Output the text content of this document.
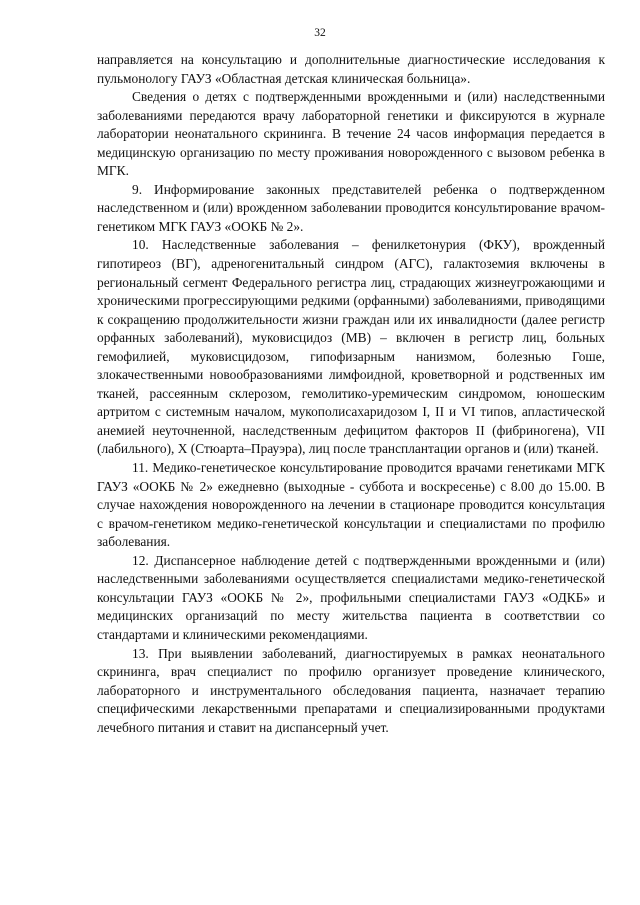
32

направляется на консультацию и дополнительные диагностические исследования к пульмонологу ГАУЗ «Областная детская клиническая больница».

Сведения о детях с подтвержденными врожденными и (или) наследственными заболеваниями передаются врачу лабораторной генетики и фиксируются в журнале лаборатории неонатального скрининга. В течение 24 часов информация передается в медицинскую организацию по месту проживания новорожденного с вызовом ребенка в МГК.

9. Информирование законных представителей ребенка о подтвержденном наследственном и (или) врожденном заболевании проводится консультирование врачом-генетиком МГК ГАУЗ «ООКБ № 2».

10. Наследственные заболевания – фенилкетонурия (ФКУ), врожденный гипотиреоз (ВГ), адреногенитальный синдром (АГС), галактоземия включены в региональный сегмент Федерального регистра лиц, страдающих жизнеугрожающими и хроническими прогрессирующими редкими (орфанными) заболеваниями, приводящими к сокращению продолжительности жизни граждан или их инвалидности (далее регистр орфанных заболеваний), муковисцидоз (МВ) – включен в регистр лиц, больных гемофилией, муковисцидозом, гипофизарным нанизмом, болезнью Гоше, злокачественными новообразованиями лимфоидной, кроветворной и родственных им тканей, рассеянным склерозом, гемолитико-уремическим синдромом, юношеским артритом с системным началом, мукополисахаридозом I, II и VI типов, апластической анемией неуточненной, наследственным дефицитом факторов II (фибриногена), VII (лабильного), X (Стюарта–Прауэра), лиц после трансплантации органов и (или) тканей.

11. Медико-генетическое консультирование проводится врачами генетиками МГК ГАУЗ «ООКБ № 2» ежедневно (выходные - суббота и воскресенье) с 8.00 до 15.00. В случае нахождения новорожденного на лечении в стационаре проводится консультация с врачом-генетиком медико-генетической консультации и специалистами по профилю заболевания.

12. Диспансерное наблюдение детей с подтвержденными врожденными и (или) наследственными заболеваниями осуществляется специалистами медико-генетической консультации ГАУЗ «ООКБ № 2», профильными специалистами ГАУЗ «ОДКБ» и медицинских организаций по месту жительства пациента в соответствии со стандартами и клиническими рекомендациями.

13. При выявлении заболеваний, диагностируемых в рамках неонатального скрининга, врач специалист по профилю организует проведение клинического, лабораторного и инструментального обследования пациента, назначает терапию специфическими лекарственными препаратами и специализированными продуктами лечебного питания и ставит на диспансерный учет.
